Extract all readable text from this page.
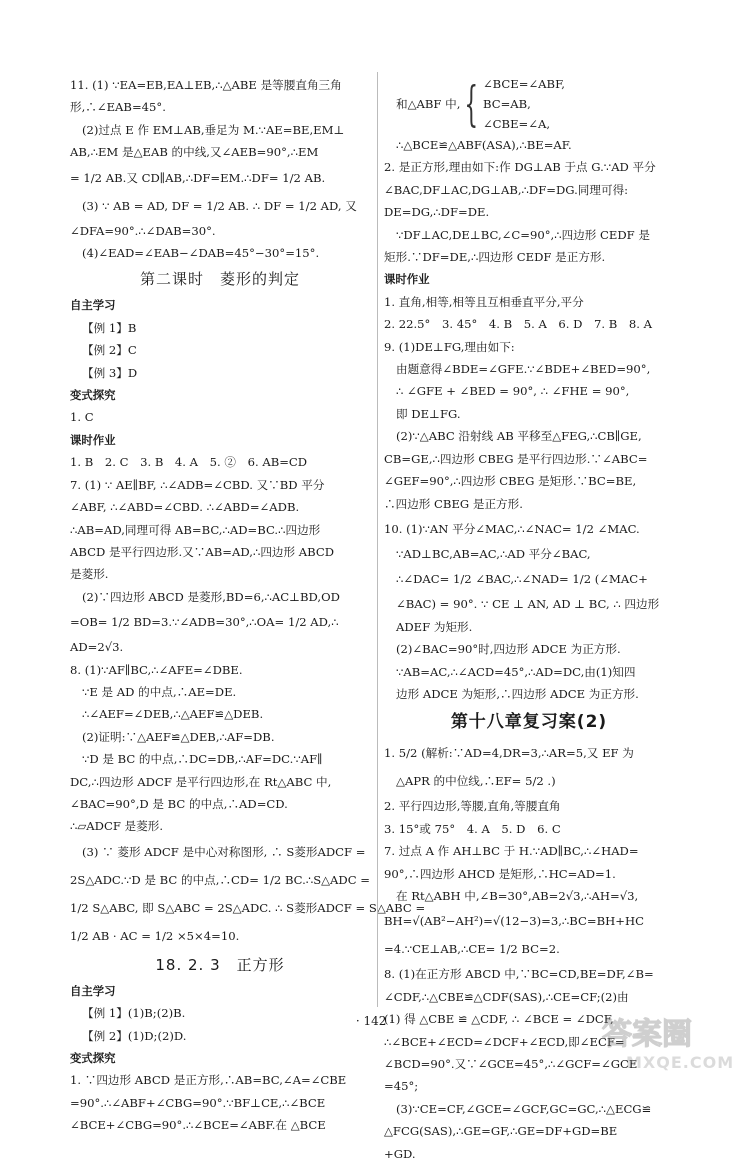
11. (1) ∵EA=EB,EA⊥EB,∴△ABE 是等腰直角三角
形,∴∠EAB=45°.
(2)过点 E 作 EM⊥AB,垂足为 M.∵AE=BE,EM⊥
AB,∴EM 是△EAB 的中线,又∠AEB=90°,∴EM
= 1/2 AB.又 CD∥AB,∴DF=EM.∴DF= 1/2 AB.
(3) ∵ AB = AD, DF = 1/2 AB. ∴ DF = 1/2 AD, 又
∠DFA=90°.∴∠DAB=30°.
(4)∠EAD=∠EAB−∠DAB=45°−30°=15°.
第二课时　菱形的判定
自主学习
【例 1】B
【例 2】C
【例 3】D
变式探究
1. C
课时作业
1. B　2. C　3. B　4. A　5. ②　6. AB=CD
7. (1) ∵ AE∥BF, ∴∠ADB=∠CBD. 又∵BD 平分
∠ABF, ∴∠ABD=∠CBD. ∴∠ABD=∠ADB.
∴AB=AD,同理可得 AB=BC,∴AD=BC.∴四边形
ABCD 是平行四边形.又∵AB=AD,∴四边形 ABCD
是菱形.
(2)∵四边形 ABCD 是菱形,BD=6,∴AC⊥BD,OD
=OB= 1/2 BD=3.∵∠ADB=30°,∴OA= 1/2 AD,∴
AD=2√3.
8. (1)∵AF∥BC,∴∠AFE=∠DBE.
∵E 是 AD 的中点,∴AE=DE.
∴∠AEF=∠DEB,∴△AEF≌△DEB.
(2)证明:∵△AEF≌△DEB,∴AF=DB.
∵D 是 BC 的中点,∴DC=DB,∴AF=DC.∵AF∥
DC,∴四边形 ADCF 是平行四边形,在 Rt△ABC 中,
∠BAC=90°,D 是 BC 的中点,∴AD=CD.
∴▱ADCF 是菱形.
(3) ∵ 菱形 ADCF 是中心对称图形, ∴ S菱形ADCF =
2S△ADC.∵D 是 BC 的中点,∴CD= 1/2 BC.∴S△ADC =
1/2 S△ABC, 即 S△ABC = 2S△ADC. ∴ S菱形ADCF = S△ABC =
1/2 AB · AC = 1/2 ×5×4=10.
18. 2. 3　正方形
自主学习
【例 1】(1)B;(2)B.
【例 2】(1)D;(2)D.
变式探究
1. ∵四边形 ABCD 是正方形,∴AB=BC,∠A=∠CBE
=90°.∴∠ABF+∠CBG=90°.∵BF⊥CE,∴∠BCE
∠BCE+∠CBG=90°.∴∠BCE=∠ABF.在 △BCE
和△ABF 中, { ∠BCE=∠ABF,
BC=AB,
∠CBE=∠A,
∴△BCE≌△ABF(ASA),∴BE=AF.
2. 是正方形,理由如下:作 DG⊥AB 于点 G.∵AD 平分
∠BAC,DF⊥AC,DG⊥AB,∴DF=DG.同理可得:
DE=DG,∴DF=DE.
∵DF⊥AC,DE⊥BC,∠C=90°,∴四边形 CEDF 是
矩形.∵DF=DE,∴四边形 CEDF 是正方形.
课时作业
1. 直角,相等,相等且互相垂直平分,平分
2. 22.5°　3. 45°　4. B　5. A　6. D　7. B　8. A
9. (1)DE⊥FG,理由如下:
由题意得∠BDE=∠GFE.∵∠BDE+∠BED=90°,
∴ ∠GFE + ∠BED = 90°, ∴ ∠FHE = 90°,
即 DE⊥FG.
(2)∵△ABC 沿射线 AB 平移至△FEG,∴CB∥GE,
CB=GE,∴四边形 CBEG 是平行四边形.∵∠ABC=
∠GEF=90°,∴四边形 CBEG 是矩形.∵BC=BE,
∴四边形 CBEG 是正方形.
10. (1)∵AN 平分∠MAC,∴∠NAC= 1/2 ∠MAC.
∵AD⊥BC,AB=AC,∴AD 平分∠BAC,
∴∠DAC= 1/2 ∠BAC,∴∠NAD= 1/2 (∠MAC+
∠BAC) = 90°. ∵ CE ⊥ AN, AD ⊥ BC, ∴ 四边形
ADEF 为矩形.
(2)∠BAC=90°时,四边形 ADCE 为正方形.
∵AB=AC,∴∠ACD=45°,∴AD=DC,由(1)知四
边形 ADCE 为矩形,∴四边形 ADCE 为正方形.
第十八章复习案(2)
1. 5/2 (解析:∵AD=4,DR=3,∴AR=5,又 EF 为
△APR 的中位线,∴EF= 5/2 .)
2. 平行四边形,等腰,直角,等腰直角
3. 15°或 75°　4. A　5. D　6. C
7. 过点 A 作 AH⊥BC 于 H.∵AD∥BC,∴∠HAD=
90°,∴四边形 AHCD 是矩形,∴HC=AD=1.
在 Rt△ABH 中,∠B=30°,AB=2√3,∴AH=√3,
BH=√(AB²−AH²)=√(12−3)=3,∴BC=BH+HC
=4.∵CE⊥AB,∴CE= 1/2 BC=2.
8. (1)在正方形 ABCD 中,∵BC=CD,BE=DF,∠B=
∠CDF,∴△CBE≌△CDF(SAS),∴CE=CF;(2)由
(1) 得 △CBE ≌ △CDF, ∴ ∠BCE = ∠DCF,
∴∠BCE+∠ECD=∠DCF+∠ECD,即∠ECF=
∠BCD=90°.又∵∠GCE=45°,∴∠GCF=∠GCE
=45°;
(3)∵CE=CF,∠GCE=∠GCF,GC=GC,∴△ECG≌
△FCG(SAS),∴GE=GF,∴GE=DF+GD=BE
+GD.
· 142 ·	答案圈
MXQE.COM
